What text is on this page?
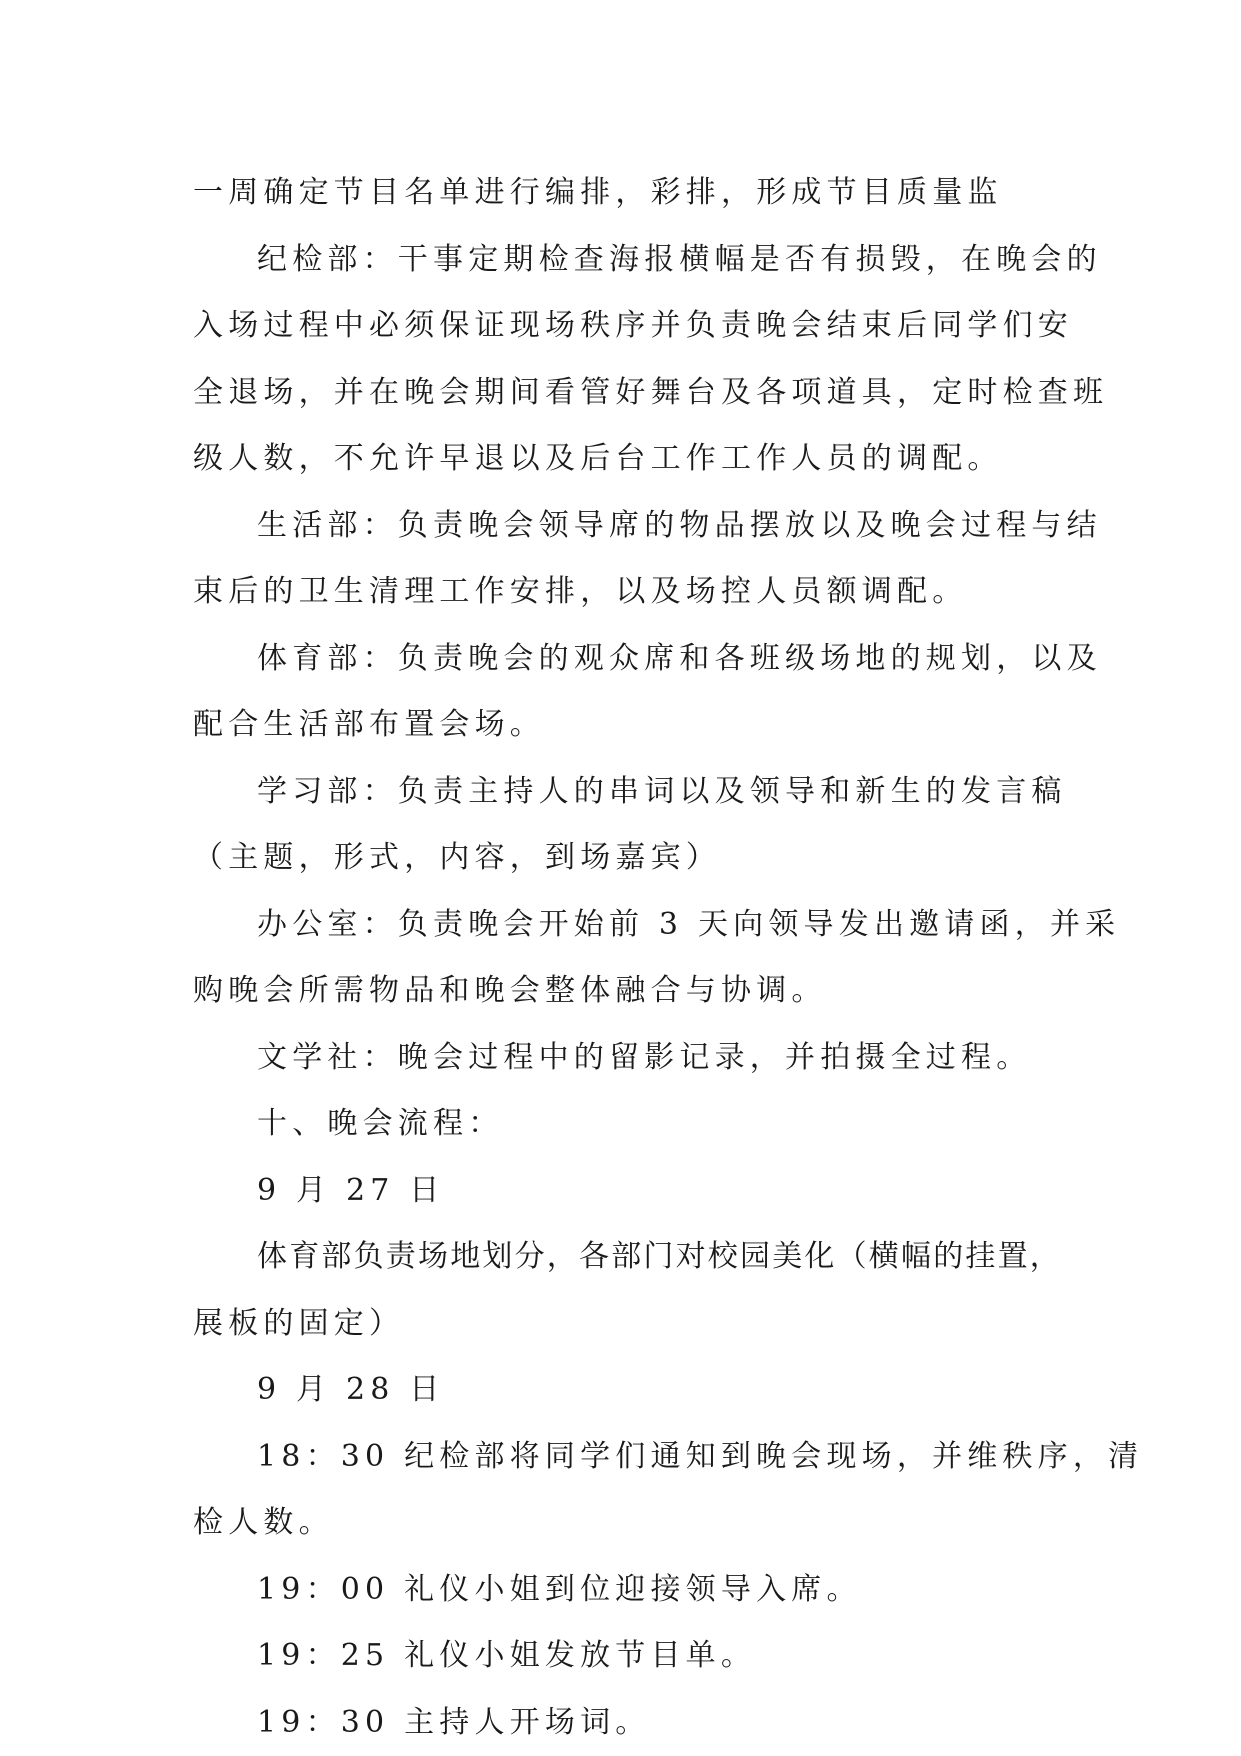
一周确定节目名单进行编排，彩排，形成节目质量监
纪检部：干事定期检查海报横幅是否有损毁，在晚会的
入场过程中必须保证现场秩序并负责晚会结束后同学们安
全退场，并在晚会期间看管好舞台及各项道具，定时检查班
级人数，不允许早退以及后台工作工作人员的调配。
生活部：负责晚会领导席的物品摆放以及晚会过程与结
束后的卫生清理工作安排，以及场控人员额调配。
体育部：负责晚会的观众席和各班级场地的规划，以及
配合生活部布置会场。
学习部：负责主持人的串词以及领导和新生的发言稿
（主题，形式，内容，到场嘉宾）
办公室：负责晚会开始前 3 天向领导发出邀请函，并采
购晚会所需物品和晚会整体融合与协调。
文学社：晚会过程中的留影记录，并拍摄全过程。
十、晚会流程：
9 月 27 日
体育部负责场地划分，各部门对校园美化（横幅的挂置，
展板的固定）
9 月 28 日
18：30 纪检部将同学们通知到晚会现场，并维秩序，清
检人数。
19：00 礼仪小姐到位迎接领导入席。
19：25 礼仪小姐发放节目单。
19：30 主持人开场词。
